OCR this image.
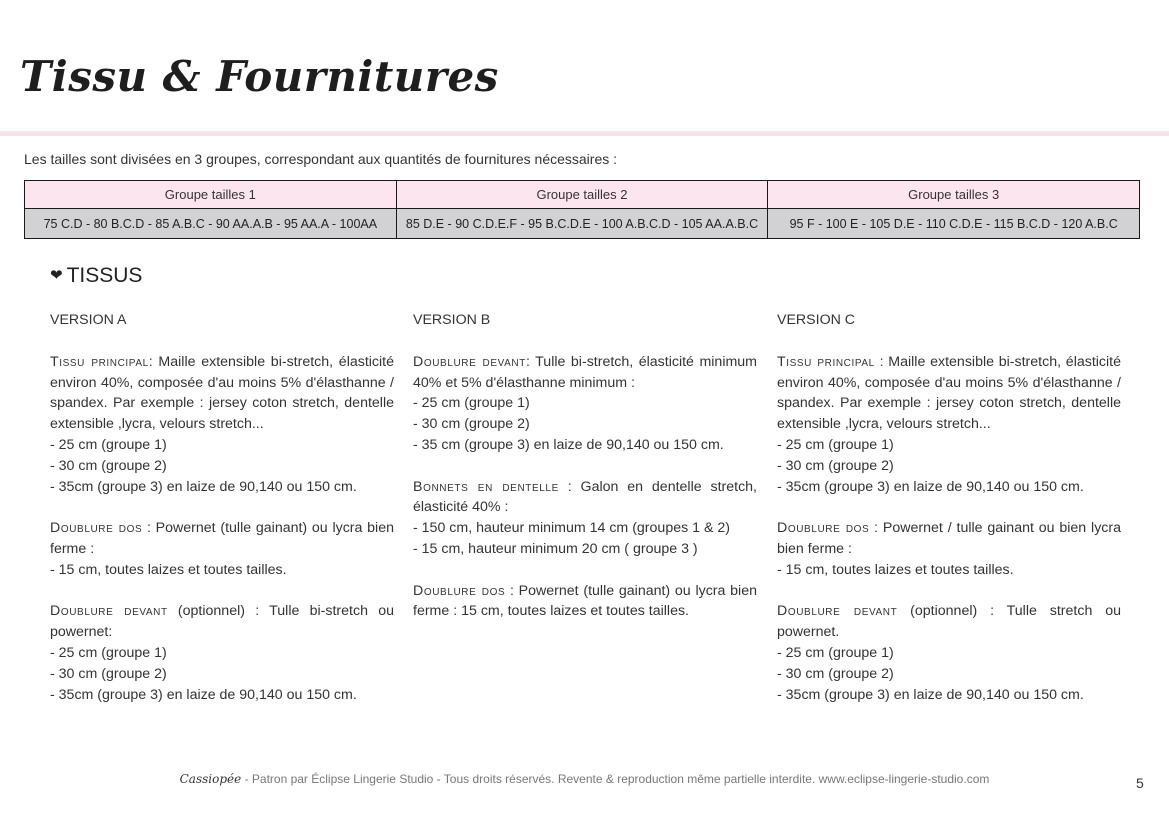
Tissu & Fournitures
Les tailles sont divisées en 3 groupes, correspondant aux quantités de fournitures nécessaires :
Groupe tailles 1	Groupe tailles 2	Groupe tailles 3
75 C.D - 80 B.C.D - 85 A.B.C - 90 AA.A.B - 95 AA.A - 100AA	85 D.E - 90 C.D.E.F - 95 B.C.D.E - 100 A.B.C.D - 105 AA.A.B.C	95 F - 100 E - 105 D.E - 110 C.D.E - 115 B.C.D - 120 A.B.C
❤ TISSUS
VERSION A
Tissu principal: Maille extensible bi-stretch, élasticité environ 40%, composée d'au moins 5% d'élasthanne / spandex. Par exemple : jersey coton stretch, dentelle extensible ,lycra, velours stretch...
- 25 cm (groupe 1)
- 30 cm (groupe 2)
- 35cm (groupe 3) en laize de 90,140 ou 150 cm.
Doublure dos : Powernet (tulle gainant) ou lycra bien ferme :
- 15 cm, toutes laizes et toutes tailles.
Doublure devant (optionnel) : Tulle bi-stretch ou powernet:
- 25 cm (groupe 1)
- 30 cm (groupe 2)
- 35cm (groupe 3) en laize de 90,140 ou 150 cm.
VERSION B
Doublure devant: Tulle bi-stretch, élasticité minimum 40% et 5% d'élasthanne minimum :
- 25 cm (groupe 1)
- 30 cm (groupe 2)
- 35 cm (groupe 3) en laize de 90,140 ou 150 cm.
Bonnets en dentelle : Galon en dentelle stretch, élasticité 40% :
- 150 cm, hauteur minimum 14 cm (groupes 1 & 2)
- 15 cm, hauteur minimum 20 cm ( groupe 3 )
Doublure dos : Powernet (tulle gainant) ou lycra bien ferme : 15 cm, toutes laizes et toutes tailles.
VERSION C
Tissu principal : Maille extensible bi-stretch, élasticité environ 40%, composée d'au moins 5% d'élasthanne / spandex. Par exemple : jersey coton stretch, dentelle extensible ,lycra, velours stretch...
- 25 cm (groupe 1)
- 30 cm (groupe 2)
- 35cm (groupe 3) en laize de 90,140 ou 150 cm.
Doublure dos : Powernet / tulle gainant ou bien lycra bien ferme :
- 15 cm, toutes laizes et toutes tailles.
Doublure devant (optionnel) : Tulle stretch ou powernet.
- 25 cm (groupe 1)
- 30 cm (groupe 2)
- 35cm (groupe 3) en laize de 90,140 ou 150 cm.
Cassiopée - Patron par Éclipse Lingerie Studio - Tous droits réservés. Revente & reproduction même partielle interdite. www.eclipse-lingerie-studio.com	5
